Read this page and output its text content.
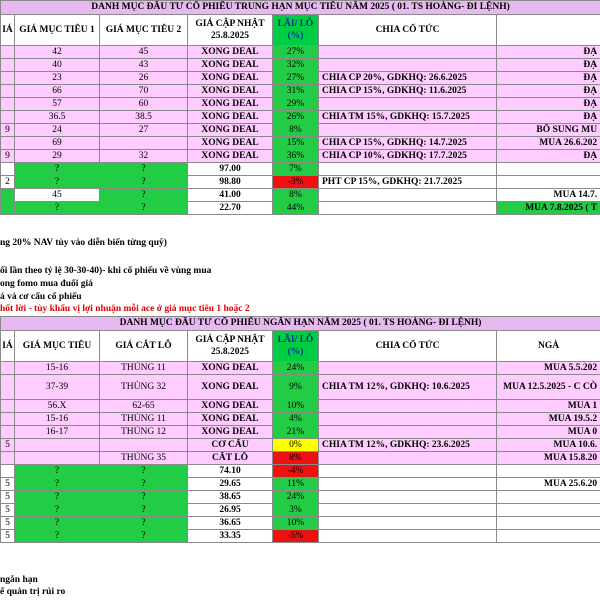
DANH MỤC ĐẦU TƯ CỔ PHIẾU TRUNG HẠN MỤC TIÊU NĂM 2025 ( 01. TS HOÀNG- ĐI LỆNH)						
IÁ	GIÁ MỤC TIÊU 1	GIÁ MỤC TIÊU 2	GIÁ CẬP NHẬT 25.8.2025	LÃI/ LỖ (%)	CHIA CỔ TỨC	
	42	45	XONG DEAL	27%		ĐẠ
	40	43	XONG DEAL	32%		ĐẠ
	23	26	XONG DEAL	27%	CHIA CP 20%, GDKHQ: 26.6.2025	ĐẠ
	66	70	XONG DEAL	31%	CHIA CP 15%, GDKHQ: 11.6.2025	ĐẠ
	57	60	XONG DEAL	29%		ĐẠ
	36.5	38.5	XONG DEAL	26%	CHIA TM 15%, GDKHQ: 15.7.2025	ĐẠ
9	24	27	XONG DEAL	8%		BỔ SUNG MU
	69		XONG DEAL	15%	CHIA CP 15%, GDKHQ: 14.7.2025	MUA 26.6.202
9	29	32	XONG DEAL	36%	CHIA CP 10%, GDKHQ: 17.7.2025	ĐẠ
	?	?	97.00	7%		
2	?	?	98.80	-3%	PHT CP 15%, GDKHQ: 21.7.2025	
	45	?	41.00	8%		MUA 14.7.
	?	?	22.70	44%		MUA 7.8.2025 ( T
ng 20% NAV tùy vào diễn biến từng quỹ)
ối lần theo tỷ lệ 30-30-40)- khi cổ phiếu về vùng mua
ong fomo mua đuổi giá
á và cơ cấu cổ phiếu
hốt lời - tùy khẩu vị lợi nhuận mỗi ace ở giá mục tiêu 1 hoặc 2
DANH MỤC ĐẦU TƯ CỔ PHIẾU NGẮN HẠN NĂM 2025 ( 01. TS HOÀNG- ĐI LỆNH)						
IÁ	GIÁ MỤC TIÊU	GIÁ CẮT LỖ	GIÁ CẬP NHẬT 25.8.2025	LÃI/ LỖ (%)	CHIA CỔ TỨC	NGÀ
	15-16	THỦNG 11	XONG DEAL	24%		MUA 5.5.202
	37-39	THỦNG 32	XONG DEAL	9%	CHIA TM 12%, GDKHQ: 10.6.2025	MUA 12.5.2025 - C CÒ
	56.X	62-65	XONG DEAL	10%		MUA 1
	15-16	THỦNG 11	XONG DEAL	4%		MUA 19.5.2
	16-17	THỦNG 12	XONG DEAL	21%		MUA 0
5			CƠ CẤU	0%	CHIA TM 12%, GDKHQ: 23.6.2025	MUA 10.6.
		THỦNG 35	CẮT LỖ	8%		MUA 15.8.20
	?	?	74.10	-4%		
5	?	?	29.65	11%		MUA 25.6.20
5	?	?	38.65	24%		
5	?	?	26.95	3%		
5	?	?	36.65	10%		
5	?	?	33.35	-5%		
ngắn hạn
ể quản trị rủi ro
